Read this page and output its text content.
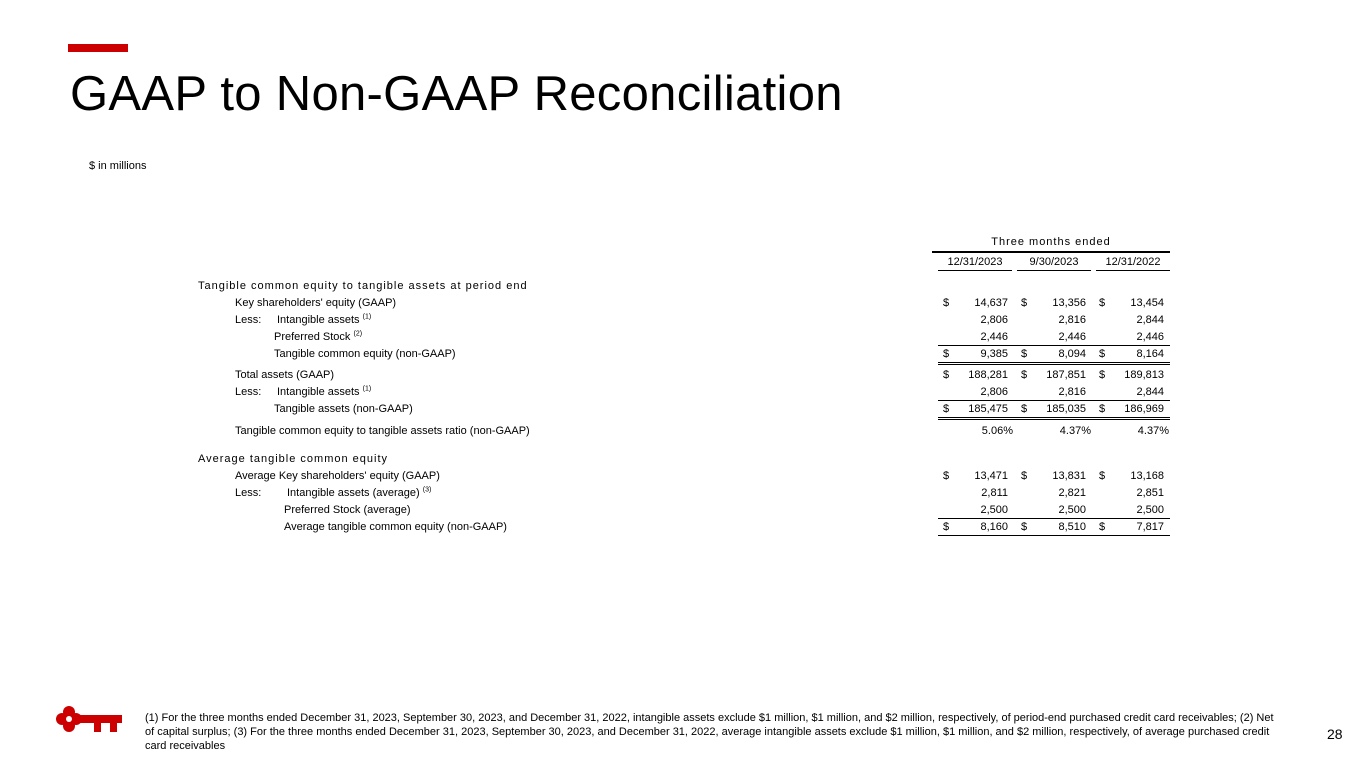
GAAP to Non-GAAP Reconciliation
$ in millions
Three months ended
12/31/2023	9/30/2023	12/31/2022
Tangible common equity to tangible assets at period end
Key shareholders' equity (GAAP)	$	14,637 $	13,356 $	13,454
Less: Intangible assets $^{(1)}$	2,806	2,816	2,844
Preferred Stock $^{(2)}$	2,446	2,446	2,446
Tangible common equity (non-GAAP)	$	9,385 $	8,094 $	8,164
Total assets (GAAP)	$	188,281 $	187,851 $	189,813
Less: Intangible assets $^{(1)}$	2,806	2,816	2,844
Tangible assets (non-GAAP)	$	185,475 $	185,035 $	186,969
Tangible common equity to tangible assets ratio (non-GAAP)	5.06%	4.37%	4.37%
Average tangible common equity
Average Key shareholders' equity (GAAP)	$	13,471 $	13,831 $	13,168
Less: Intangible assets (average) $^{(3)}$	2,811	2,821	2,851
Preferred Stock (average)	2,500	2,500	2,500
Average tangible common equity (non-GAAP)	$	8,160 $	8,510 $	7,817
(1) For the three months ended December 31, 2023, September 30, 2023, and December 31, 2022, intangible assets exclude $1 million, $1 million, and $2 million, respectively, of period-end purchased credit card receivables; (2) Net of capital surplus; (3) For the three months ended December 31, 2023, September 30, 2023, and December 31, 2022, average intangible assets exclude $1 million, $1 million, and $2 million, respectively, of average purchased credit card receivables
28
